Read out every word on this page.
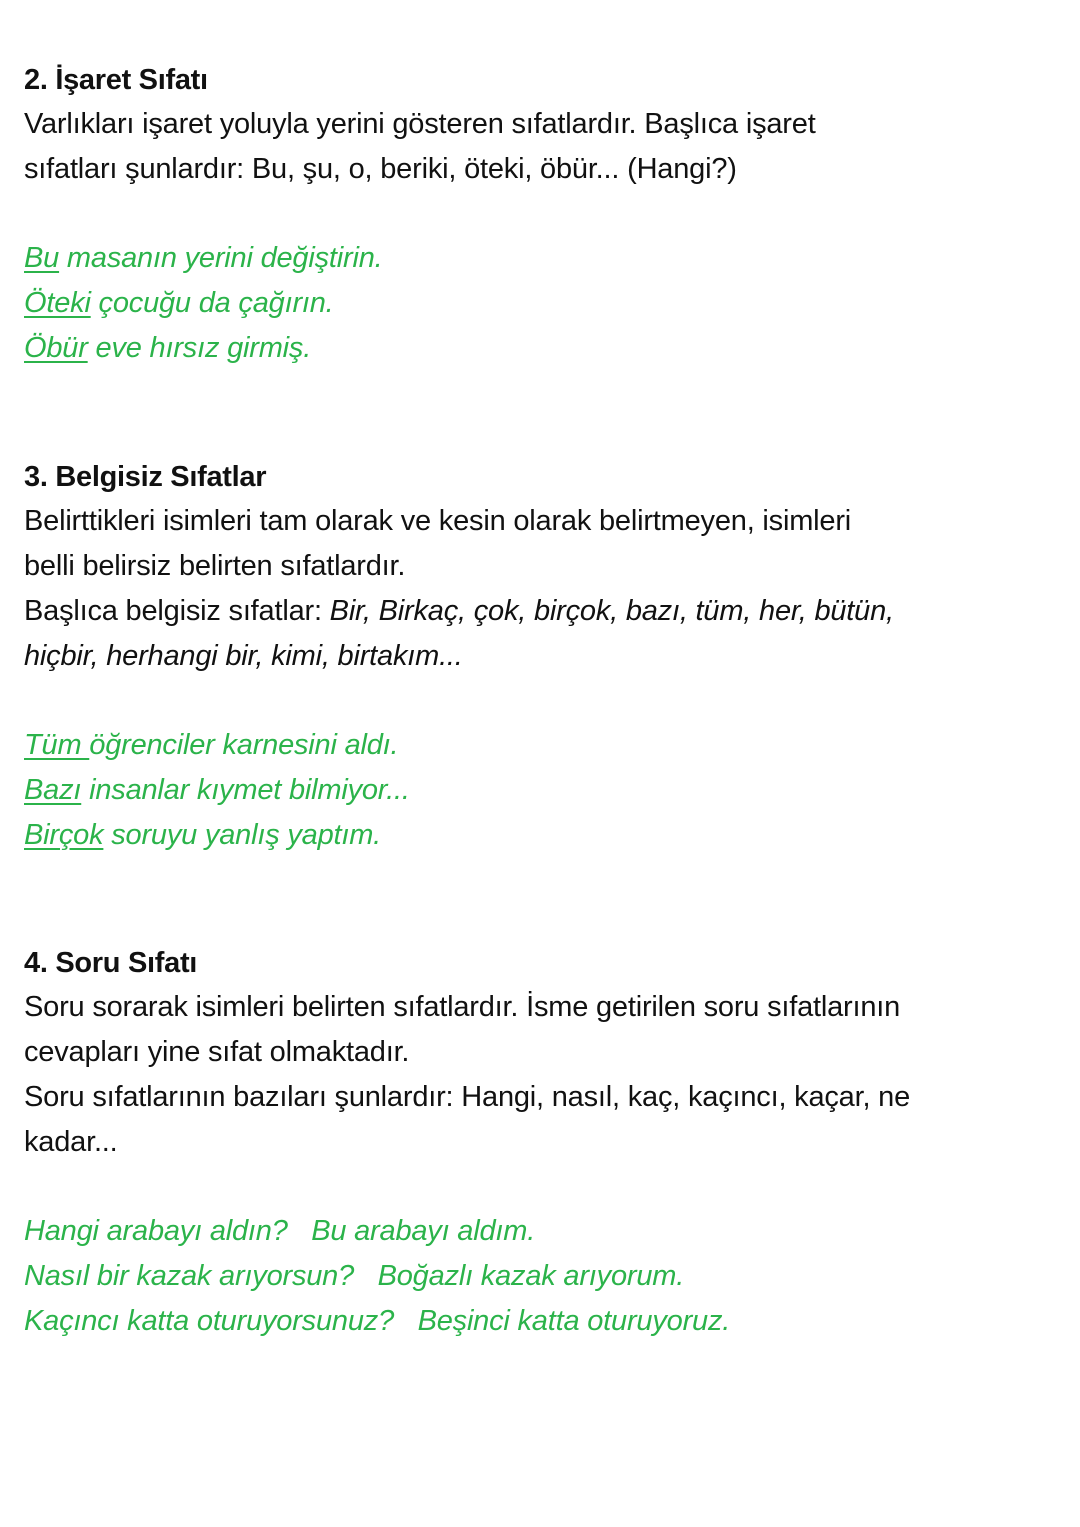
2. İşaret Sıfatı

Varlıkları işaret yoluyla yerini gösteren sıfatlardır. Başlıca işaret

sıfatları şunlardır: Bu, şu, o, beriki, öteki, öbür... (Hangi?)

Bu masanın yerini değiştirin.

Öteki çocuğu da çağırın.

Öbür eve hırsız girmiş.

3. Belgisiz Sıfatlar

Belirttikleri isimleri tam olarak ve kesin olarak belirtmeyen, isimleri

belli belirsiz belirten sıfatlardır.

Başlıca belgisiz sıfatlar: Bir, Birkaç, çok, birçok, bazı, tüm, her, bütün,

hiçbir, herhangi bir, kimi, birtakım...

Tüm öğrenciler karnesini aldı.

Bazı insanlar kıymet bilmiyor...

Birçok soruyu yanlış yaptım.

4. Soru Sıfatı

Soru sorarak isimleri belirten sıfatlardır. İsme getirilen soru sıfatlarının

cevapları yine sıfat olmaktadır.

Soru sıfatlarının bazıları şunlardır: Hangi, nasıl, kaç, kaçıncı, kaçar, ne

kadar...

Hangi arabayı aldın?   Bu arabayı aldım.

Nasıl bir kazak arıyorsun?   Boğazlı kazak arıyorum.

Kaçıncı katta oturuyorsunuz?   Beşinci katta oturuyoruz.
